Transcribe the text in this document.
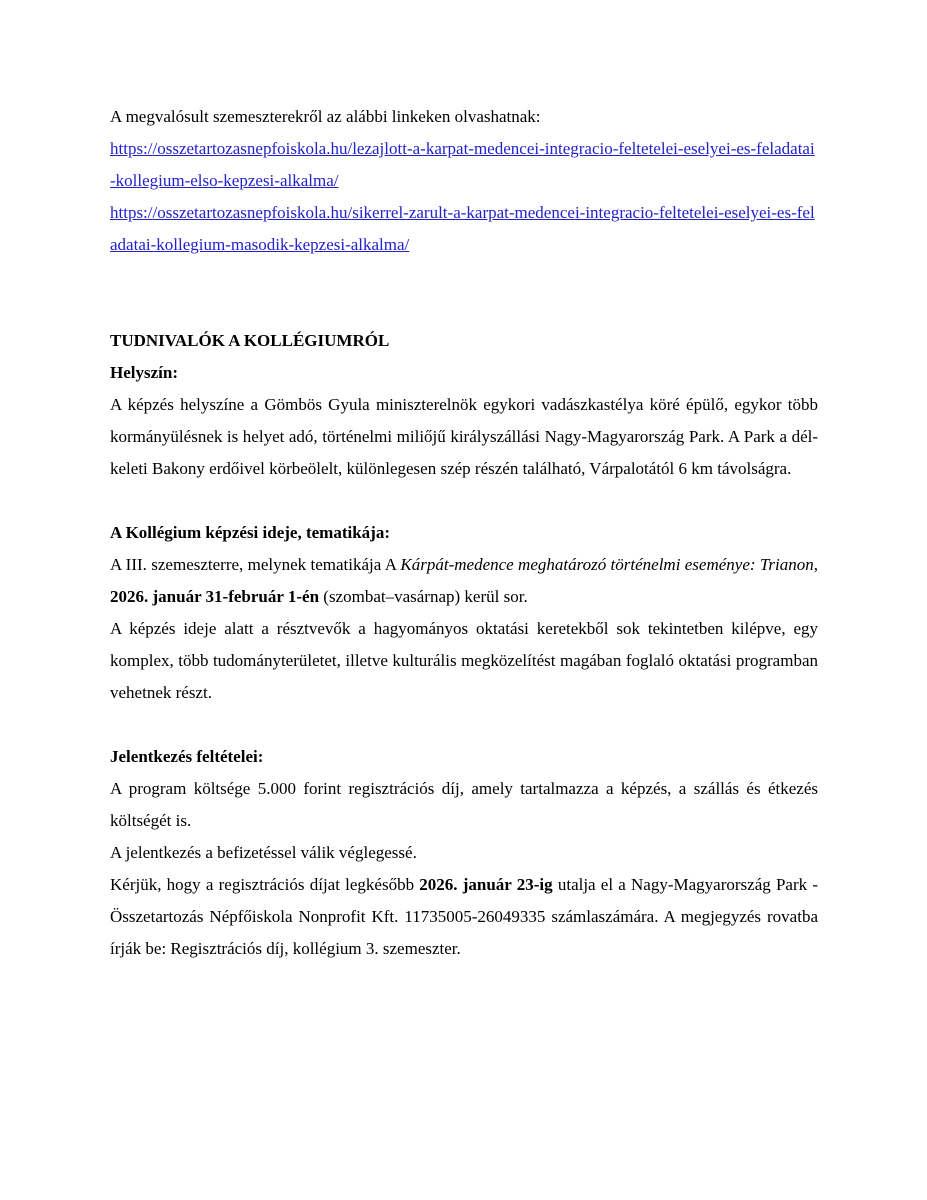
A megvalósult szemeszterekről az alábbi linkeken olvashatnak:

https://osszetartozasnepfoiskola.hu/lezajlott-a-karpat-medencei-integracio-feltetelei-eselyei-es-feladatai-kollegium-elso-kepzesi-alkalma/

https://osszetartozasnepfoiskola.hu/sikerrel-zarult-a-karpat-medencei-integracio-feltetelei-eselyei-es-feladatai-kollegium-masodik-kepzesi-alkalma/

TUDNIVALÓK A KOLLÉGIUMRÓL

Helyszín:

A képzés helyszíne a Gömbös Gyula miniszterelnök egykori vadászkastélya köré épülő, egykor több kormányülésnek is helyet adó, történelmi miliőjű királyszállási Nagy-Magyarország Park. A Park a dél-keleti Bakony erdőivel körbeölelt, különlegesen szép részén található, Várpalotától 6 km távolságra.

A Kollégium képzési ideje, tematikája:

A III. szemeszterre, melynek tematikája A Kárpát-medence meghatározó történelmi eseménye: Trianon, 2026. január 31-február 1-én (szombat–vasárnap) kerül sor.

A képzés ideje alatt a résztvevők a hagyományos oktatási keretekből sok tekintetben kilépve, egy komplex, több tudományterületet, illetve kulturális megközelítést magában foglaló oktatási programban vehetnek részt.

Jelentkezés feltételei:

A program költsége 5.000 forint regisztrációs díj, amely tartalmazza a képzés, a szállás és étkezés költségét is.

A jelentkezés a befizetéssel válik véglegessé.

Kérjük, hogy a regisztrációs díjat legkésőbb 2026. január 23-ig utalja el a Nagy-Magyarország Park - Összetartozás Népfőiskola Nonprofit Kft. 11735005-26049335 számlaszámára. A megjegyzés rovatba írják be: Regisztrációs díj, kollégium 3. szemeszter.
